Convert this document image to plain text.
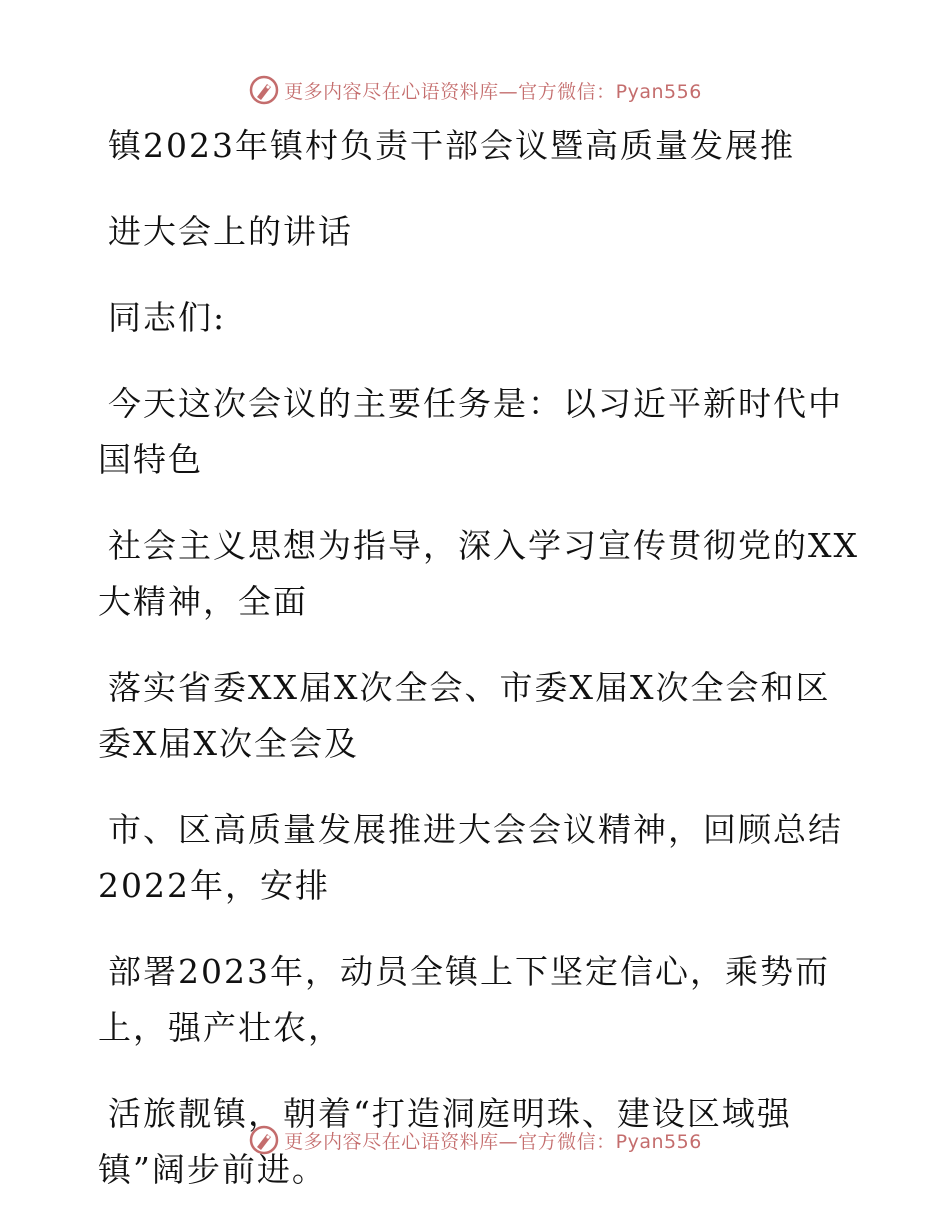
更多内容尽在心语资料库—官方微信：Pyan556
镇2023年镇村负责干部会议暨高质量发展推
进大会上的讲话
同志们:
今天这次会议的主要任务是：以习近平新时代中
国特色
社会主义思想为指导，深入学习宣传贯彻党的XX
大精神，全面
落实省委XX届X次全会、市委X届X次全会和区
委X届X次全会及
市、区高质量发展推进大会会议精神，回顾总结
2022年，安排
部署2023年，动员全镇上下坚定信心，乘势而
上，强产壮农，
活旅靓镇，朝着“打造洞庭明珠、建设区域强
镇”阔步前进。
更多内容尽在心语资料库—官方微信：Pyan556
